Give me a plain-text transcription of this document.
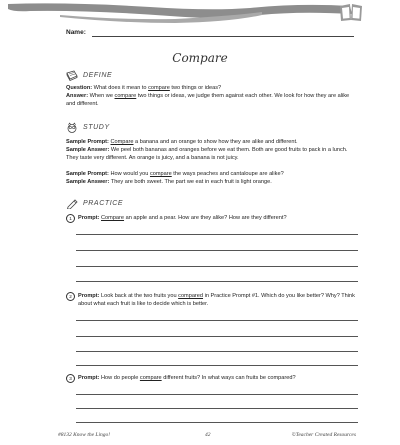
Name:
Compare
DEFINE
Question: What does it mean to compare two things or ideas?
Answer: When we compare two things or ideas, we judge them against each other. We look for how they are alike and different.
STUDY
Sample Prompt: Compare a banana and an orange to show how they are alike and different.
Sample Answer: We peel both bananas and oranges before we eat them. Both are good fruits to pack in a lunch. They taste very different. An orange is juicy, and a banana is not juicy.
Sample Prompt: How would you compare the ways peaches and cantaloupe are alike?
Sample Answer: They are both sweet. The part we eat in each fruit is light orange.
PRACTICE
1	Prompt: Compare an apple and a pear. How are they alike? How are they different?
2	Prompt: Look back at the two fruits you compared in Practice Prompt #1. Which do you like better? Why? Think about what each fruit is like to decide which is better.
3	Prompt: How do people compare different fruits? In what ways can fruits be compared?
#8132 Know the Lingo!	42	©Teacher Created Resources
